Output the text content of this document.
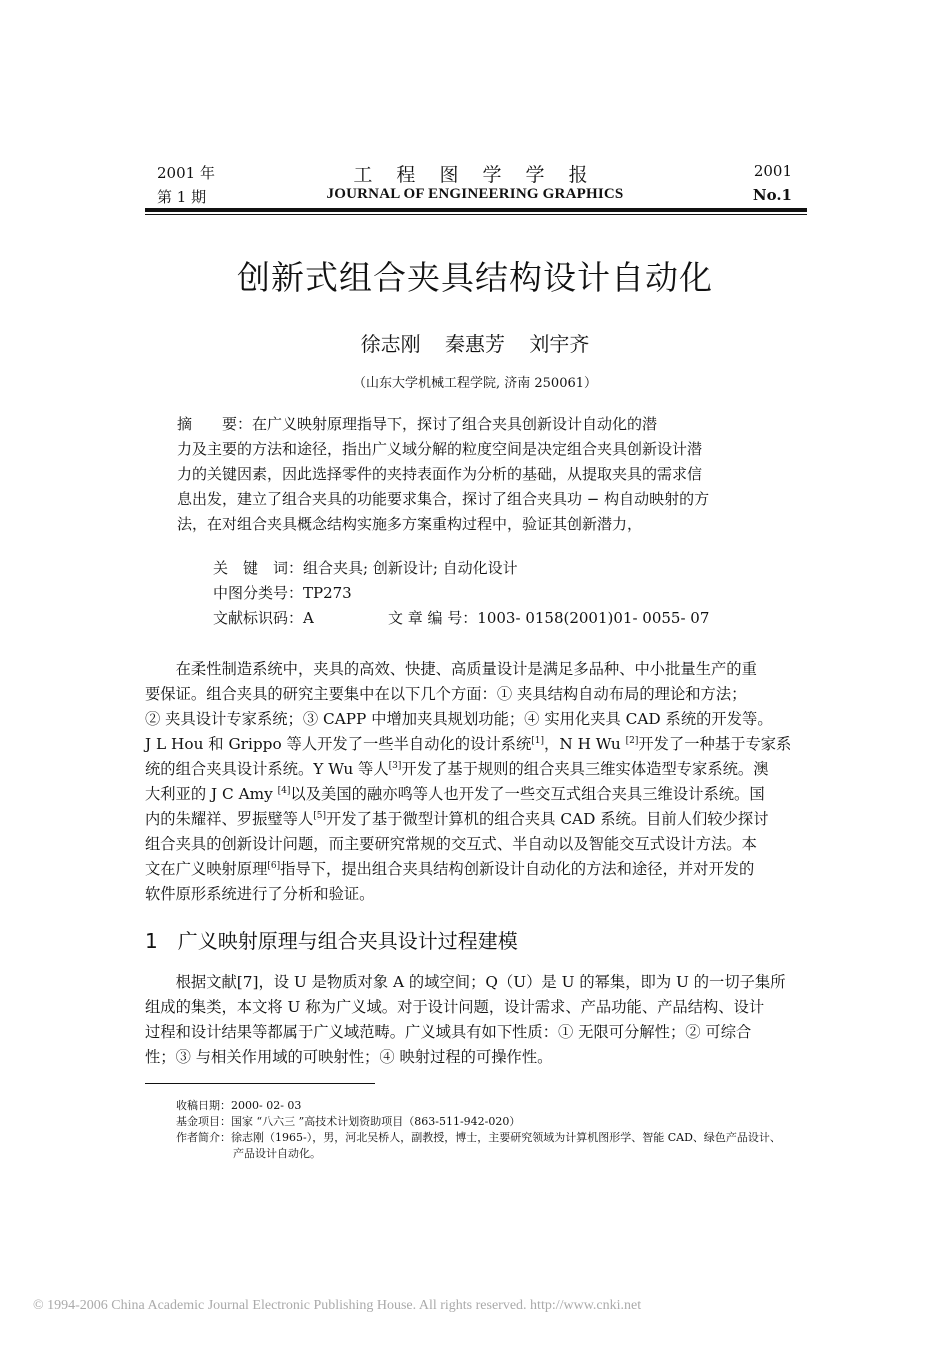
2001 年
第 1 期
工 程 图 学 学 报
JOURNAL OF ENGINEERING GRAPHICS
2001
No.1
创新式组合夹具结构设计自动化
徐志刚 秦惠芳 刘宇齐
（山东大学机械工程学院, 济南 250061）
摘　　要：在广义映射原理指导下，探讨了组合夹具创新设计自动化的潜
力及主要的方法和途径，指出广义域分解的粒度空间是决定组合夹具创新设计潜
力的关键因素，因此选择零件的夹持表面作为分析的基础，从提取夹具的需求信
息出发，建立了组合夹具的功能要求集合，探讨了组合夹具功 − 构自动映射的方
法，在对组合夹具概念结构实施多方案重构过程中，验证其创新潜力，
关　键　词：组合夹具; 创新设计; 自动化设计
中图分类号：TP273
文献标识码：A	文 章 编 号：1003- 0158(2001)01- 0055- 07
　　在柔性制造系统中，夹具的高效、快捷、高质量设计是满足多品种、中小批量生产的重
要保证。组合夹具的研究主要集中在以下几个方面：① 夹具结构自动布局的理论和方法；
② 夹具设计专家系统；③ CAPP 中增加夹具规划功能；④ 实用化夹具 CAD 系统的开发等。
J L Hou 和 Grippo 等人开发了一些半自动化的设计系统[1]，N H Wu [2]开发了一种基于专家系
统的组合夹具设计系统。Y Wu 等人[3]开发了基于规则的组合夹具三维实体造型专家系统。澳
大利亚的 J C Amy [4]以及美国的融亦鸣等人也开发了一些交互式组合夹具三维设计系统。国
内的朱耀祥、罗振璧等人[5]开发了基于微型计算机的组合夹具 CAD 系统。目前人们较少探讨
组合夹具的创新设计问题，而主要研究常规的交互式、半自动以及智能交互式设计方法。本
文在广义映射原理[6]指导下，提出组合夹具结构创新设计自动化的方法和途径，并对开发的
软件原形系统进行了分析和验证。
1　广义映射原理与组合夹具设计过程建模
　　根据文献[7]，设 U 是物质对象 A 的域空间；Q（U）是 U 的幂集，即为 U 的一切子集所
组成的集类，本文将 U 称为广义域。对于设计问题，设计需求、产品功能、产品结构、设计
过程和设计结果等都属于广义域范畴。广义域具有如下性质：① 无限可分解性；② 可综合
性；③ 与相关作用域的可映射性；④ 映射过程的可操作性。
收稿日期：2000- 02- 03
基金项目：国家 “八六三 ”高技术计划资助项目（863-511-942-020）
作者简介：徐志刚（1965-），男，河北吴桥人，副教授，博士，主要研究领域为计算机图形学、智能 CAD、绿色产品设计、
产品设计自动化。
© 1994-2006 China Academic Journal Electronic Publishing House. All rights reserved. http://www.cnki.net
